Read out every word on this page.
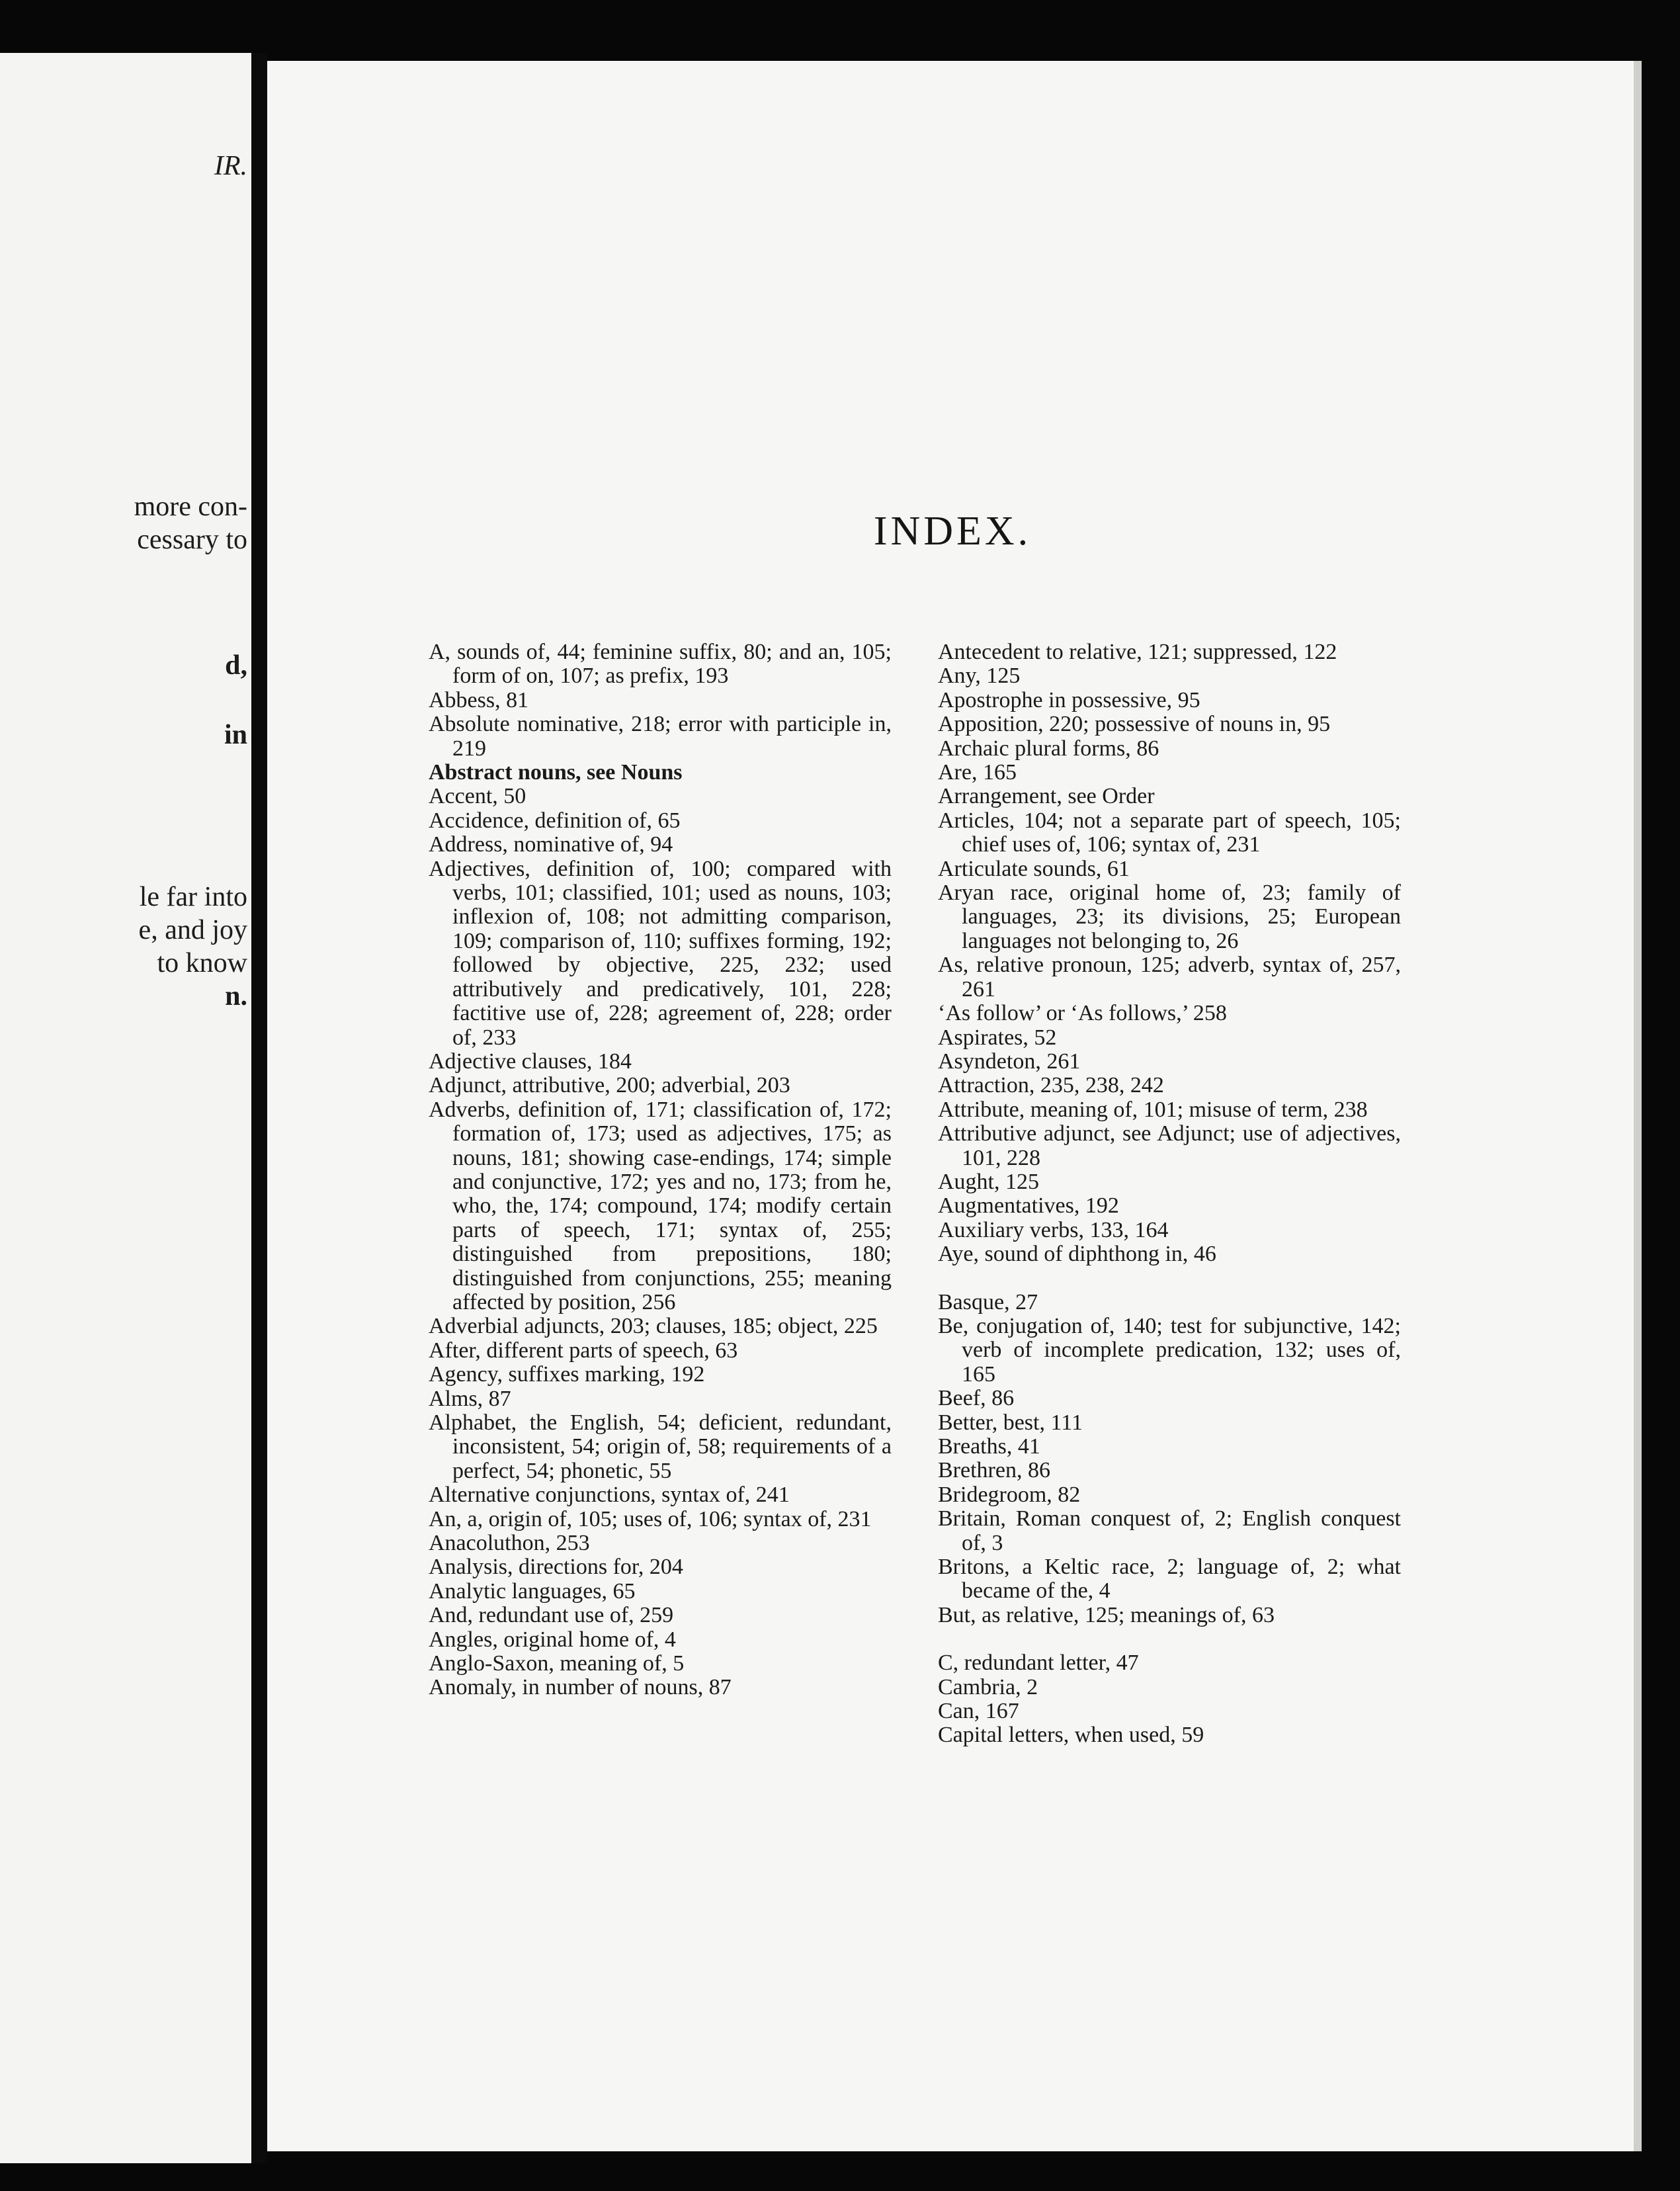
IR.
more con-
cessary to
d,
in
le far into
e, and joy
to know
n.
INDEX.
A, sounds of, 44; feminine suffix, 80; and an, 105; form of on, 107; as prefix, 193
Abbess, 81
Absolute nominative, 218; error with participle in, 219
Abstract nouns, see Nouns
Accent, 50
Accidence, definition of, 65
Address, nominative of, 94
Adjectives, definition of, 100; compared with verbs, 101; classified, 101; used as nouns, 103; inflexion of, 108; not admitting comparison, 109; comparison of, 110; suffixes forming, 192; followed by objective, 225, 232; used attributively and predicatively, 101, 228; factitive use of, 228; agreement of, 228; order of, 233
Adjective clauses, 184
Adjunct, attributive, 200; adverbial, 203
Adverbs, definition of, 171; classification of, 172; formation of, 173; used as adjectives, 175; as nouns, 181; showing case-endings, 174; simple and conjunctive, 172; yes and no, 173; from he, who, the, 174; compound, 174; modify certain parts of speech, 171; syntax of, 255; distinguished from prepositions, 180; distinguished from conjunctions, 255; meaning affected by position, 256
Adverbial adjuncts, 203; clauses, 185; object, 225
After, different parts of speech, 63
Agency, suffixes marking, 192
Alms, 87
Alphabet, the English, 54; deficient, redundant, inconsistent, 54; origin of, 58; requirements of a perfect, 54; phonetic, 55
Alternative conjunctions, syntax of, 241
An, a, origin of, 105; uses of, 106; syntax of, 231
Anacoluthon, 253
Analysis, directions for, 204
Analytic languages, 65
And, redundant use of, 259
Angles, original home of, 4
Anglo-Saxon, meaning of, 5
Anomaly, in number of nouns, 87
Antecedent to relative, 121; suppressed, 122
Any, 125
Apostrophe in possessive, 95
Apposition, 220; possessive of nouns in, 95
Archaic plural forms, 86
Are, 165
Arrangement, see Order
Articles, 104; not a separate part of speech, 105; chief uses of, 106; syntax of, 231
Articulate sounds, 61
Aryan race, original home of, 23; family of languages, 23; its divisions, 25; European languages not belonging to, 26
As, relative pronoun, 125; adverb, syntax of, 257, 261
‘As follow’ or ‘As follows,’ 258
Aspirates, 52
Asyndeton, 261
Attraction, 235, 238, 242
Attribute, meaning of, 101; misuse of term, 238
Attributive adjunct, see Adjunct; use of adjectives, 101, 228
Aught, 125
Augmentatives, 192
Auxiliary verbs, 133, 164
Aye, sound of diphthong in, 46
Basque, 27
Be, conjugation of, 140; test for subjunctive, 142; verb of incomplete predication, 132; uses of, 165
Beef, 86
Better, best, 111
Breaths, 41
Brethren, 86
Bridegroom, 82
Britain, Roman conquest of, 2; English conquest of, 3
Britons, a Keltic race, 2; language of, 2; what became of the, 4
But, as relative, 125; meanings of, 63
C, redundant letter, 47
Cambria, 2
Can, 167
Capital letters, when used, 59
